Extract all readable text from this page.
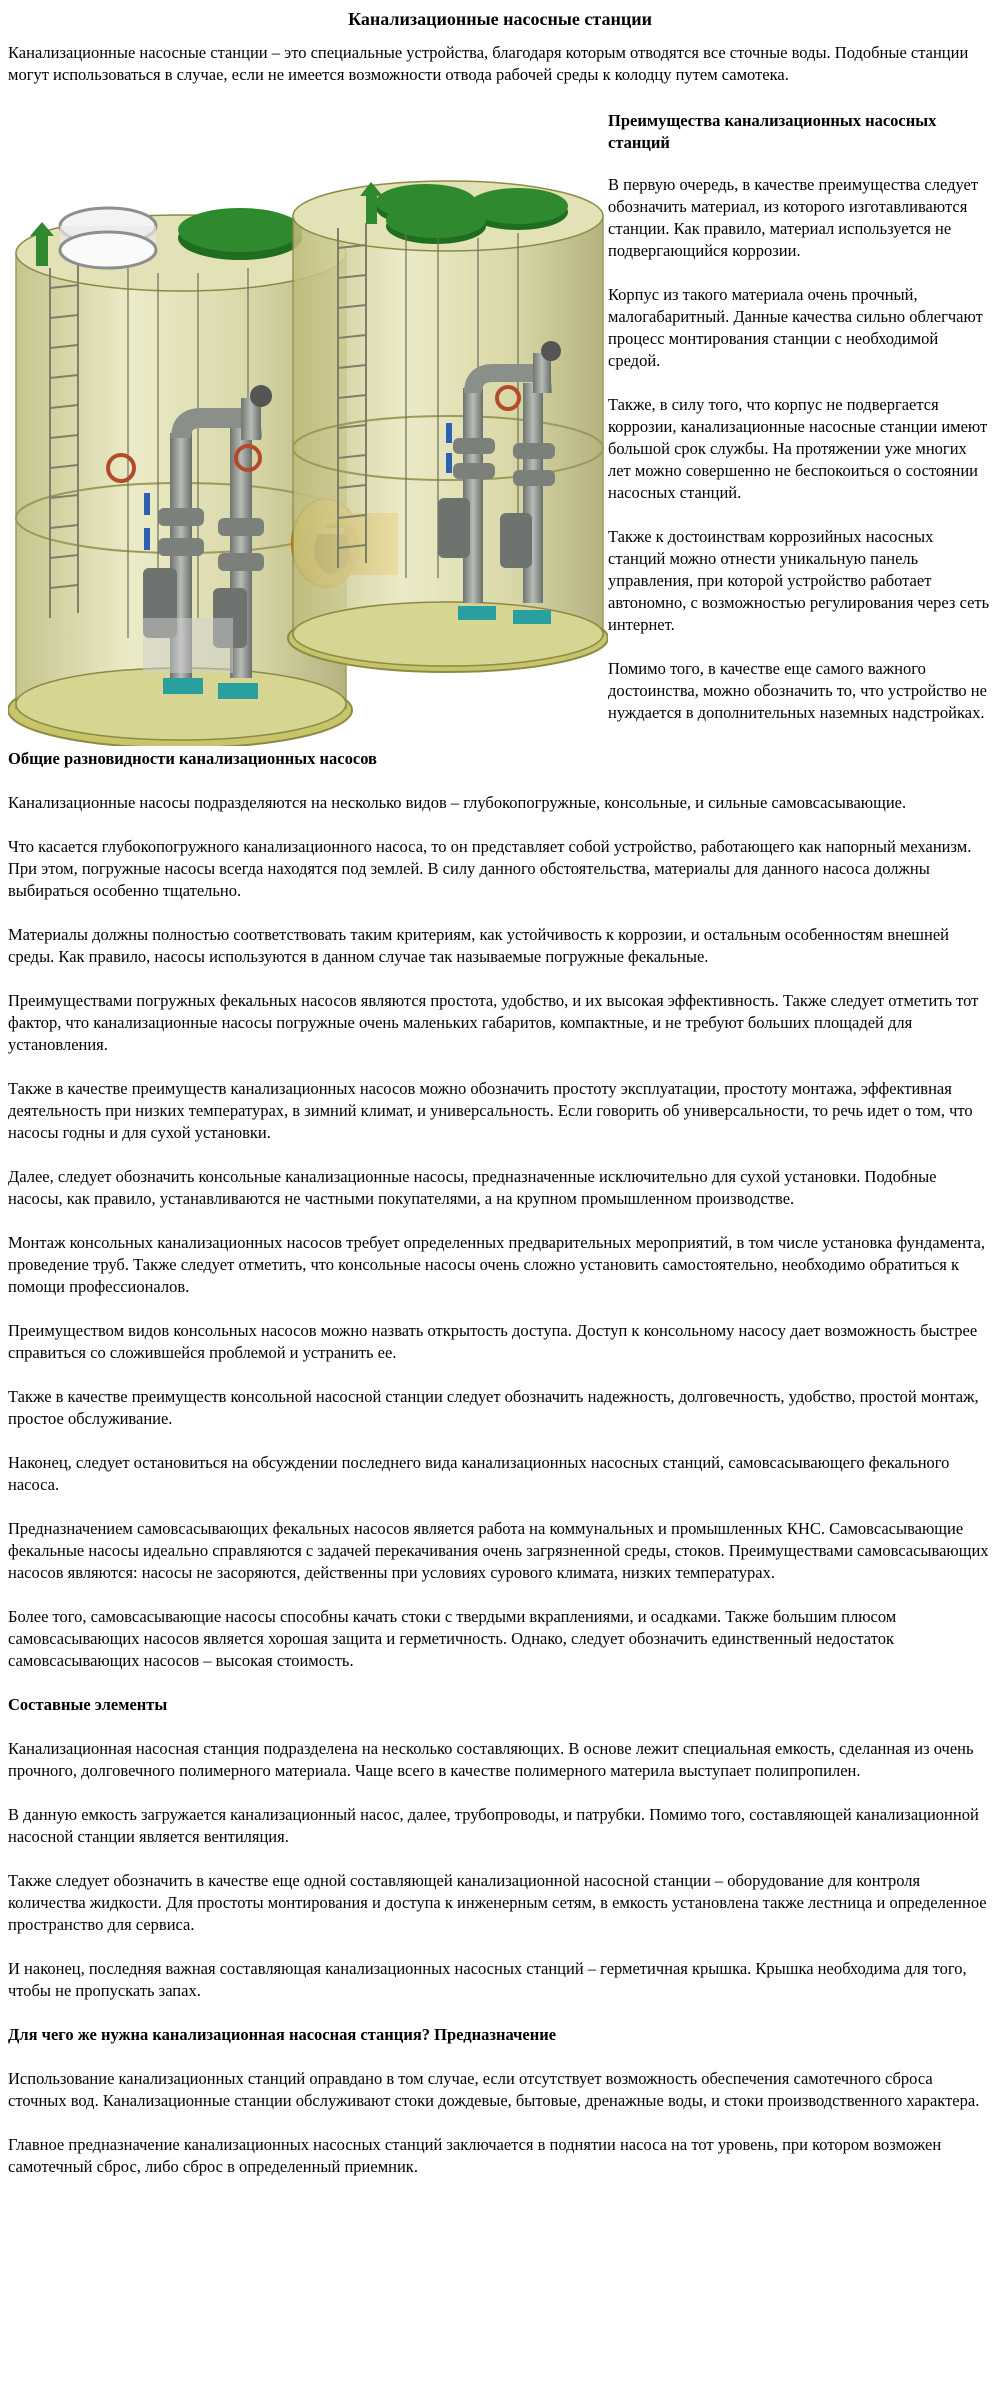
Канализационные насосные станции
Канализационные насосные станции – это специальные устройства, благодаря которым отводятся все сточные воды. Подобные станции могут использоваться в случае, если не имеется возможности отвода рабочей среды к колодцу путем самотека.
Преимущества канализационных насосных станций
В первую очередь, в качестве преимущества следует обозначить материал, из которого изготавливаются станции. Как правило, материал используется не подвергающийся коррозии.
Корпус из такого материала очень прочный, малогабаритный. Данные качества сильно облегчают процесс монтирования станции с необходимой средой.
Также, в силу того, что корпус не подвергается коррозии, канализационные насосные станции имеют большой срок службы. На протяжении уже многих лет можно совершенно не беспокоиться о состоянии насосных станций.
Также к достоинствам коррозийных насосных станций можно отнести уникальную панель управления, при которой устройство работает автономно, с возможностью регулирования через сеть интернет.
Помимо того, в качестве еще самого важного достоинства, можно обозначить то, что устройство не нуждается в дополнительных наземных надстройках.
Общие разновидности канализационных насосов
Канализационные насосы подразделяются на несколько видов – глубокопогружные, консольные, и сильные самовсасывающие.
Что касается глубокопогружного канализационного насоса, то он представляет собой устройство, работающего как напорный механизм. При этом, погружные насосы всегда находятся под землей. В силу данного обстоятельства, материалы для данного насоса должны выбираться особенно тщательно.
Материалы должны полностью соответствовать таким критериям, как устойчивость к коррозии, и остальным особенностям внешней среды. Как правило, насосы используются в данном случае так называемые погружные фекальные.
Преимуществами погружных фекальных насосов являются простота, удобство, и их высокая эффективность. Также следует отметить тот фактор, что канализационные насосы погружные очень маленьких габаритов, компактные, и не требуют больших площадей для установления.
Также в качестве преимуществ канализационных насосов можно обозначить простоту эксплуатации, простоту монтажа, эффективная деятельность при низких температурах, в зимний климат, и универсальность. Если говорить об универсальности, то речь идет о том, что насосы годны и для сухой установки.
Далее, следует обозначить консольные канализационные насосы, предназначенные исключительно для сухой установки. Подобные насосы, как правило, устанавливаются не частными покупателями, а на крупном промышленном производстве.
Монтаж консольных канализационных насосов требует определенных предварительных мероприятий, в том числе установка фундамента, проведение труб. Также следует отметить, что консольные насосы очень сложно установить самостоятельно, необходимо обратиться к помощи профессионалов.
Преимуществом видов консольных насосов можно назвать открытость доступа. Доступ к консольному насосу дает возможность быстрее справиться со сложившейся проблемой и устранить ее.
Также в качестве преимуществ консольной насосной станции следует обозначить надежность, долговечность, удобство, простой монтаж, простое обслуживание.
Наконец, следует остановиться на обсуждении последнего вида канализационных насосных станций, самовсасывающего фекального насоса.
Предназначением самовсасывающих фекальных насосов является работа на коммунальных и промышленных КНС. Самовсасывающие фекальные насосы идеально справляются с задачей перекачивания очень загрязненной среды, стоков. Преимуществами самовсасывающих насосов являются: насосы не засоряются, действенны при условиях сурового климата, низких температурах.
Более того, самовсасывающие насосы способны качать стоки с твердыми вкраплениями, и осадками. Также большим плюсом самовсасывающих насосов является хорошая защита и герметичность. Однако, следует обозначить единственный недостаток самовсасывающих насосов – высокая стоимость.
Составные элементы
Канализационная насосная станция подразделена на несколько составляющих. В основе лежит специальная емкость, сделанная из очень прочного, долговечного полимерного материала. Чаще всего в качестве полимерного материла выступает полипропилен.
В данную емкость загружается канализационный насос, далее, трубопроводы, и патрубки. Помимо того, составляющей канализационной насосной станции является вентиляция.
Также следует обозначить в качестве еще одной составляющей канализационной насосной станции – оборудование для контроля количества жидкости. Для простоты монтирования и доступа к инженерным сетям, в емкость установлена также лестница и определенное пространство для сервиса.
И наконец, последняя важная составляющая канализационных насосных станций – герметичная крышка. Крышка необходима для того, чтобы не пропускать запах.
Для чего же нужна канализационная насосная станция? Предназначение
Использование канализационных станций оправдано в том случае, если отсутствует возможность обеспечения самотечного сброса сточных вод. Канализационные станции обслуживают стоки дождевые, бытовые, дренажные воды, и стоки производственного характера.
Главное предназначение канализационных насосных станций заключается в поднятии насоса на тот уровень, при котором возможен самотечный сброс, либо сброс в определенный приемник.
